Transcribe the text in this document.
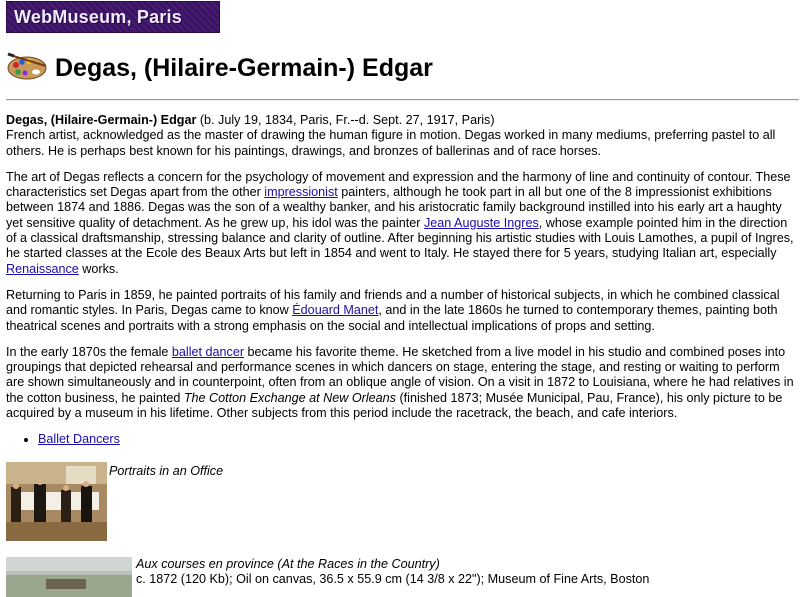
WebMuseum, Paris
Degas, (Hilaire-Germain-) Edgar

Degas, (Hilaire-Germain-) Edgar (b. July 19, 1834, Paris, Fr.--d. Sept. 27, 1917, Paris)
French artist, acknowledged as the master of drawing the human figure in motion. Degas worked in many mediums, preferring pastel to all others. He is perhaps best known for his paintings, drawings, and bronzes of ballerinas and of race horses.

The art of Degas reflects a concern for the psychology of movement and expression and the harmony of line and continuity of contour. These characteristics set Degas apart from the other impressionist painters, although he took part in all but one of the 8 impressionist exhibitions between 1874 and 1886. Degas was the son of a wealthy banker, and his aristocratic family background instilled into his early art a haughty yet sensitive quality of detachment. As he grew up, his idol was the painter Jean Auguste Ingres, whose example pointed him in the direction of a classical draftsmanship, stressing balance and clarity of outline. After beginning his artistic studies with Louis Lamothes, a pupil of Ingres, he started classes at the Ecole des Beaux Arts but left in 1854 and went to Italy. He stayed there for 5 years, studying Italian art, especially Renaissance works.

Returning to Paris in 1859, he painted portraits of his family and friends and a number of historical subjects, in which he combined classical and romantic styles. In Paris, Degas came to know Édouard Manet, and in the late 1860s he turned to contemporary themes, painting both theatrical scenes and portraits with a strong emphasis on the social and intellectual implications of props and setting.

In the early 1870s the female ballet dancer became his favorite theme. He sketched from a live model in his studio and combined poses into groupings that depicted rehearsal and performance scenes in which dancers on stage, entering the stage, and resting or waiting to perform are shown simultaneously and in counterpoint, often from an oblique angle of vision. On a visit in 1872 to Louisiana, where he had relatives in the cotton business, he painted The Cotton Exchange at New Orleans (finished 1873; Musée Municipal, Pau, France), his only picture to be acquired by a museum in his lifetime. Other subjects from this period include the racetrack, the beach, and cafe interiors.

• Ballet Dancers
Portraits in an Office
Aux courses en province (At the Races in the Country)
c. 1872 (120 Kb); Oil on canvas, 36.5 x 55.9 cm (14 3/8 x 22"); Museum of Fine Arts, Boston
